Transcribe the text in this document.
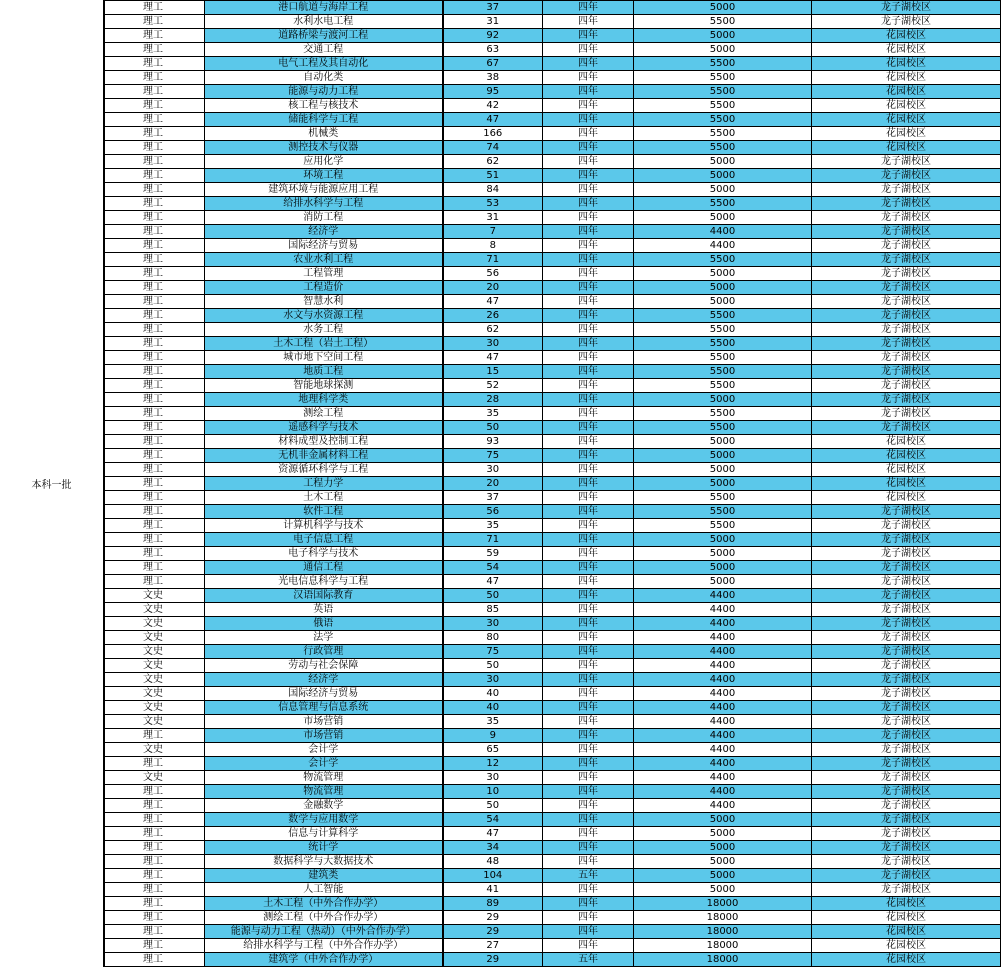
本科一批
理工	港口航道与海岸工程	37	四年	5000	龙子湖校区
理工	水利水电工程	31	四年	5500	龙子湖校区
理工	道路桥梁与渡河工程	92	四年	5000	花园校区
理工	交通工程	63	四年	5000	花园校区
理工	电气工程及其自动化	67	四年	5500	花园校区
理工	自动化类	38	四年	5500	花园校区
理工	能源与动力工程	95	四年	5500	花园校区
理工	核工程与核技术	42	四年	5500	花园校区
理工	储能科学与工程	47	四年	5500	花园校区
理工	机械类	166	四年	5500	花园校区
理工	测控技术与仪器	74	四年	5500	花园校区
理工	应用化学	62	四年	5000	龙子湖校区
理工	环境工程	51	四年	5000	龙子湖校区
理工	建筑环境与能源应用工程	84	四年	5000	龙子湖校区
理工	给排水科学与工程	53	四年	5500	龙子湖校区
理工	消防工程	31	四年	5000	龙子湖校区
理工	经济学	7	四年	4400	龙子湖校区
理工	国际经济与贸易	8	四年	4400	龙子湖校区
理工	农业水利工程	71	四年	5500	龙子湖校区
理工	工程管理	56	四年	5000	龙子湖校区
理工	工程造价	20	四年	5000	龙子湖校区
理工	智慧水利	47	四年	5000	龙子湖校区
理工	水文与水资源工程	26	四年	5500	龙子湖校区
理工	水务工程	62	四年	5500	龙子湖校区
理工	土木工程（岩土工程）	30	四年	5500	龙子湖校区
理工	城市地下空间工程	47	四年	5500	龙子湖校区
理工	地质工程	15	四年	5500	龙子湖校区
理工	智能地球探测	52	四年	5500	龙子湖校区
理工	地理科学类	28	四年	5000	龙子湖校区
理工	测绘工程	35	四年	5500	龙子湖校区
理工	遥感科学与技术	50	四年	5500	龙子湖校区
理工	材料成型及控制工程	93	四年	5000	花园校区
理工	无机非金属材料工程	75	四年	5000	花园校区
理工	资源循环科学与工程	30	四年	5000	花园校区
理工	工程力学	20	四年	5000	花园校区
理工	土木工程	37	四年	5500	花园校区
理工	软件工程	56	四年	5500	龙子湖校区
理工	计算机科学与技术	35	四年	5500	龙子湖校区
理工	电子信息工程	71	四年	5000	龙子湖校区
理工	电子科学与技术	59	四年	5000	龙子湖校区
理工	通信工程	54	四年	5000	龙子湖校区
理工	光电信息科学与工程	47	四年	5000	龙子湖校区
文史	汉语国际教育	50	四年	4400	龙子湖校区
文史	英语	85	四年	4400	龙子湖校区
文史	俄语	30	四年	4400	龙子湖校区
文史	法学	80	四年	4400	龙子湖校区
文史	行政管理	75	四年	4400	龙子湖校区
文史	劳动与社会保障	50	四年	4400	龙子湖校区
文史	经济学	30	四年	4400	龙子湖校区
文史	国际经济与贸易	40	四年	4400	龙子湖校区
文史	信息管理与信息系统	40	四年	4400	龙子湖校区
文史	市场营销	35	四年	4400	龙子湖校区
理工	市场营销	9	四年	4400	龙子湖校区
文史	会计学	65	四年	4400	龙子湖校区
理工	会计学	12	四年	4400	龙子湖校区
文史	物流管理	30	四年	4400	龙子湖校区
理工	物流管理	10	四年	4400	龙子湖校区
理工	金融数学	50	四年	4400	龙子湖校区
理工	数学与应用数学	54	四年	5000	龙子湖校区
理工	信息与计算科学	47	四年	5000	龙子湖校区
理工	统计学	34	四年	5000	龙子湖校区
理工	数据科学与大数据技术	48	四年	5000	龙子湖校区
理工	建筑类	104	五年	5000	龙子湖校区
理工	人工智能	41	四年	5000	龙子湖校区
理工	土木工程（中外合作办学）	89	四年	18000	花园校区
理工	测绘工程（中外合作办学）	29	四年	18000	花园校区
理工	能源与动力工程（热动）（中外合作办学）	29	四年	18000	花园校区
理工	给排水科学与工程（中外合作办学）	27	四年	18000	花园校区
理工	建筑学（中外合作办学）	29	五年	18000	花园校区
